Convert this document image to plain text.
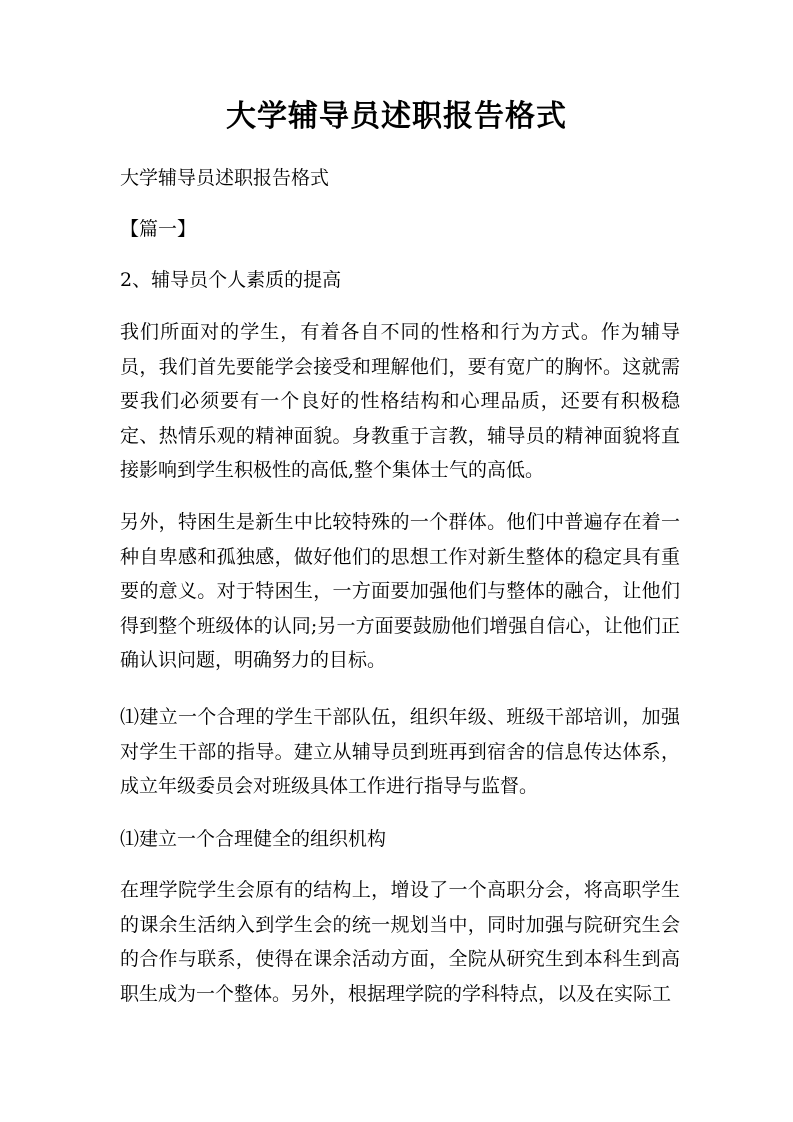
大学辅导员述职报告格式
大学辅导员述职报告格式
【篇一】
2、辅导员个人素质的提高
我们所面对的学生，有着各自不同的性格和行为方式。作为辅导员，我们首先要能学会接受和理解他们，要有宽广的胸怀。这就需要我们必须要有一个良好的性格结构和心理品质，还要有积极稳定、热情乐观的精神面貌。身教重于言教，辅导员的精神面貌将直接影响到学生积极性的高低,整个集体士气的高低。
另外，特困生是新生中比较特殊的一个群体。他们中普遍存在着一种自卑感和孤独感，做好他们的思想工作对新生整体的稳定具有重要的意义。对于特困生，一方面要加强他们与整体的融合，让他们得到整个班级体的认同;另一方面要鼓励他们增强自信心，让他们正确认识问题，明确努力的目标。
⑴建立一个合理的学生干部队伍，组织年级、班级干部培训，加强对学生干部的指导。建立从辅导员到班再到宿舍的信息传达体系，成立年级委员会对班级具体工作进行指导与监督。
⑴建立一个合理健全的组织机构
在理学院学生会原有的结构上，增设了一个高职分会，将高职学生的课余生活纳入到学生会的统一规划当中，同时加强与院研究生会的合作与联系，使得在课余活动方面，全院从研究生到本科生到高职生成为一个整体。另外，根据理学院的学科特点，以及在实际工
